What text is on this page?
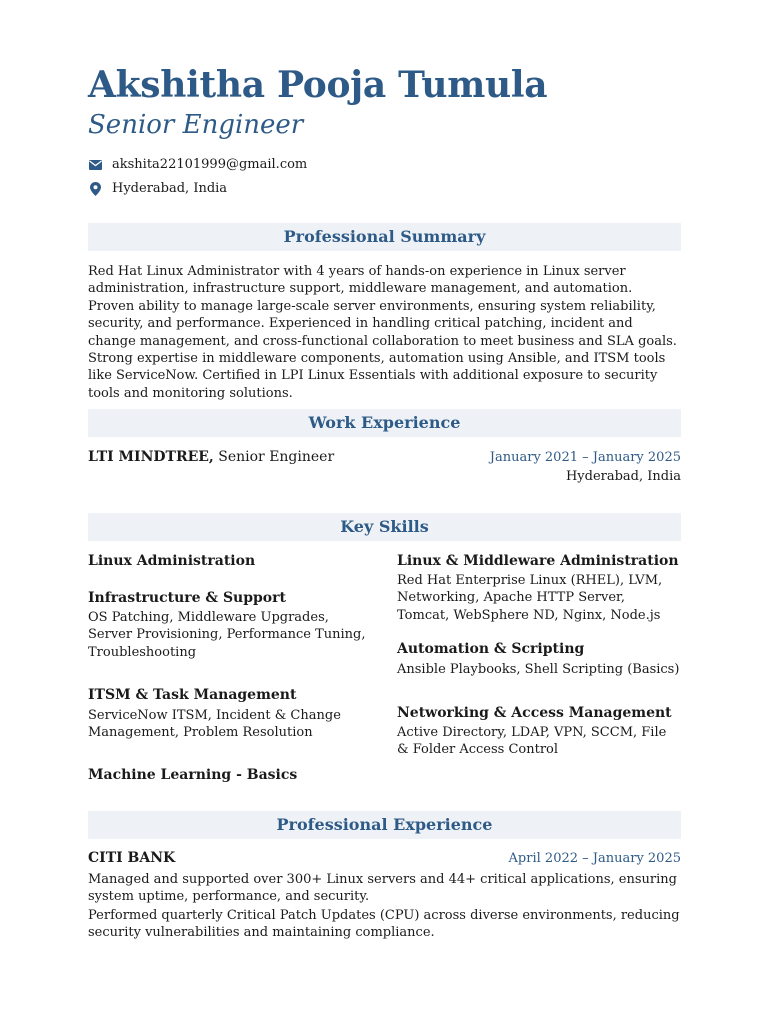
Akshitha Pooja Tumula
Senior Engineer
akshita22101999@gmail.com
Hyderabad, India
Professional Summary
Red Hat Linux Administrator with 4 years of hands-on experience in Linux server administration, infrastructure support, middleware management, and automation. Proven ability to manage large-scale server environments, ensuring system reliability, security, and performance. Experienced in handling critical patching, incident and change management, and cross-functional collaboration to meet business and SLA goals. Strong expertise in middleware components, automation using Ansible, and ITSM tools like ServiceNow. Certified in LPI Linux Essentials with additional exposure to security tools and monitoring solutions.
Work Experience
LTI MINDTREE, Senior Engineer	January 2021 – January 2025
Hyderabad, India
Key Skills
Linux Administration
Infrastructure & Support
OS Patching, Middleware Upgrades, Server Provisioning, Performance Tuning, Troubleshooting
ITSM & Task Management
ServiceNow ITSM, Incident & Change Management, Problem Resolution
Machine Learning - Basics
Linux & Middleware Administration
Red Hat Enterprise Linux (RHEL), LVM, Networking, Apache HTTP Server, Tomcat, WebSphere ND, Nginx, Node.js
Automation & Scripting
Ansible Playbooks, Shell Scripting (Basics)
Networking & Access Management
Active Directory, LDAP, VPN, SCCM, File & Folder Access Control
Professional Experience
CITI BANK	April 2022 – January 2025
Managed and supported over 300+ Linux servers and 44+ critical applications, ensuring system uptime, performance, and security.
Performed quarterly Critical Patch Updates (CPU) across diverse environments, reducing security vulnerabilities and maintaining compliance.
